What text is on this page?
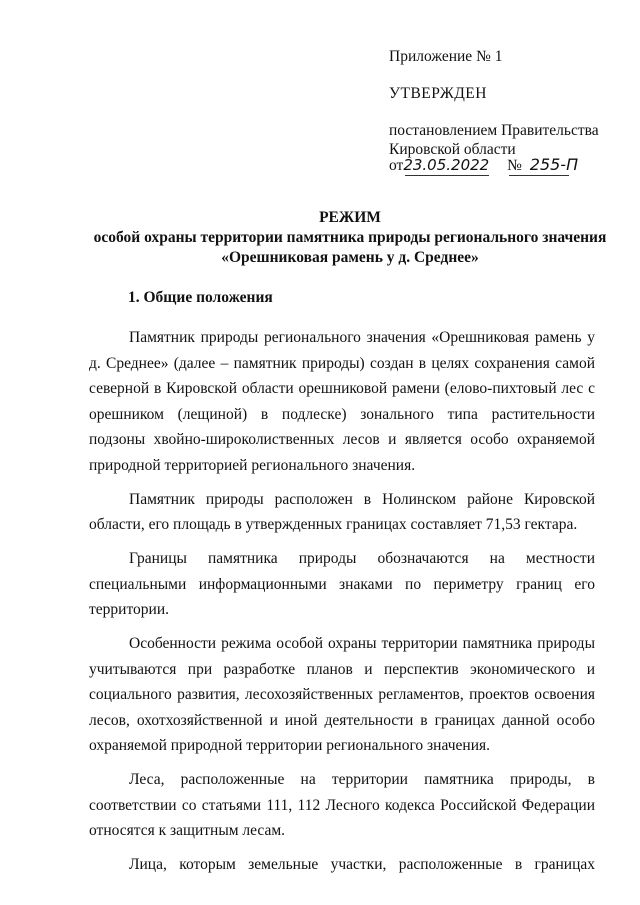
Приложение № 1
УТВЕРЖДЕН
постановлением Правительства
Кировской области
от23.05.2022 № 255-П
РЕЖИМ
особой охраны территории памятника природы регионального значения
«Орешниковая рамень у д. Среднее»
1. Общие положения

Памятник природы регионального значения «Орешниковая рамень у д. Среднее» (далее – памятник природы) создан в целях сохранения самой северной в Кировской области орешниковой рамени (елово-пихтовый лес с орешником (лещиной) в подлеске) зонального типа растительности подзоны хвойно-широколиственных лесов и является особо охраняемой природной территорией регионального значения.

Памятник природы расположен в Нолинском районе Кировской области, его площадь в утвержденных границах составляет 71,53 гектара.

Границы памятника природы обозначаются на местности специальными информационными знаками по периметру границ его территории.

Особенности режима особой охраны территории памятника природы учитываются при разработке планов и перспектив экономического и социального развития, лесохозяйственных регламентов, проектов освоения лесов, охотхозяйственной и иной деятельности в границах данной особо охраняемой природной территории регионального значения.

Леса, расположенные на территории памятника природы, в соответствии со статьями 111, 112 Лесного кодекса Российской Федерации относятся к защитным лесам.

Лица, которым земельные участки, расположенные в границах
